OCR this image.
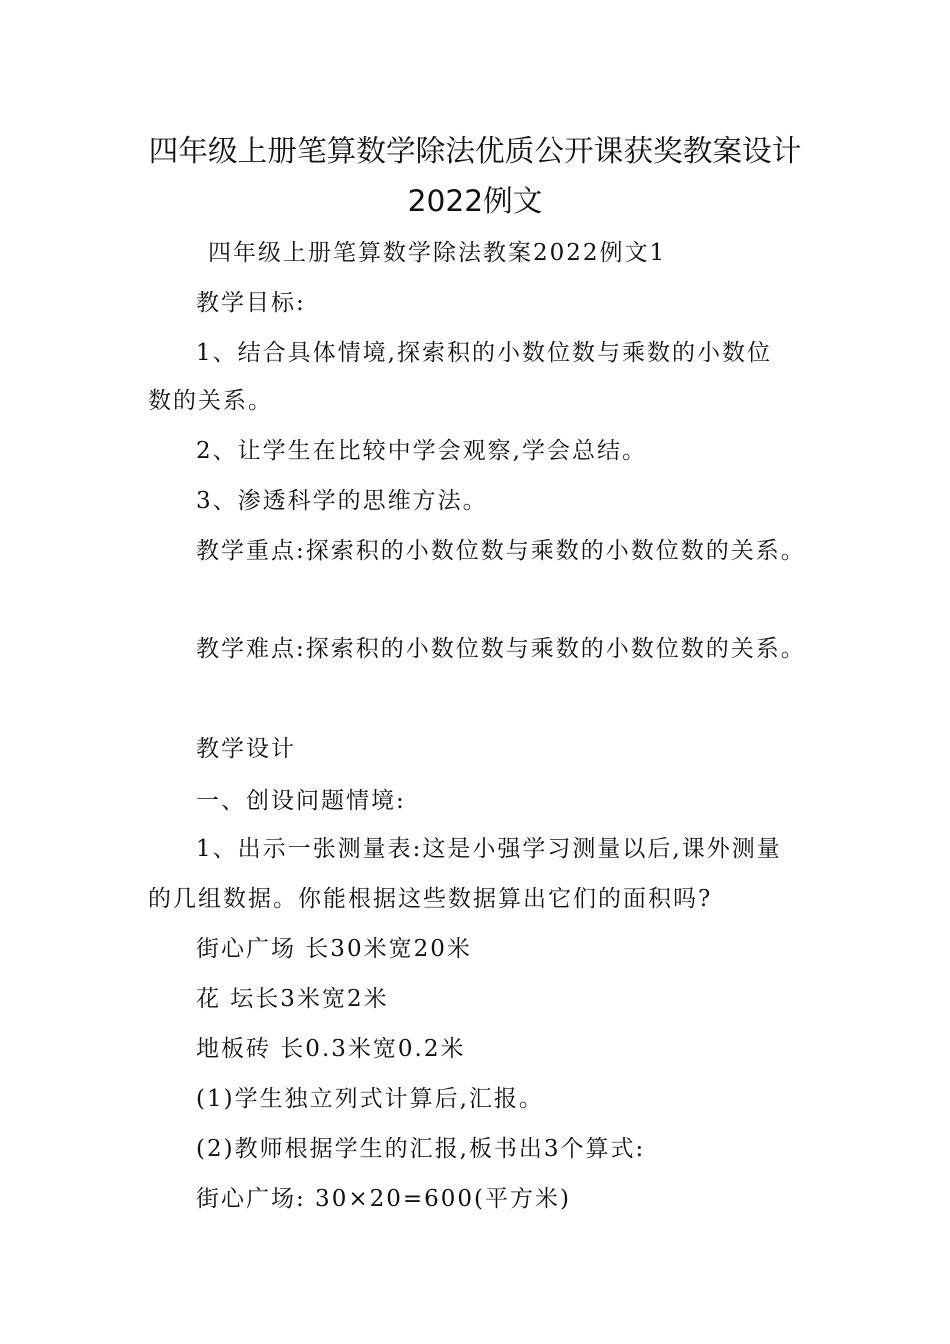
四年级上册笔算数学除法优质公开课获奖教案设计
2022例文
四年级上册笔算数学除法教案2022例文1
教学目标:
1、结合具体情境,探索积的小数位数与乘数的小数位
数的关系。
2、让学生在比较中学会观察,学会总结。
3、渗透科学的思维方法。
教学重点:探索积的小数位数与乘数的小数位数的关系。
教学难点:探索积的小数位数与乘数的小数位数的关系。
教学设计
一、创设问题情境:
1、出示一张测量表:这是小强学习测量以后,课外测量
的几组数据。你能根据这些数据算出它们的面积吗?
街心广场 长30米宽20米
花 坛长3米宽2米
地板砖 长0.3米宽0.2米
(1)学生独立列式计算后,汇报。
(2)教师根据学生的汇报,板书出3个算式:
街心广场: 30×20=600(平方米)
